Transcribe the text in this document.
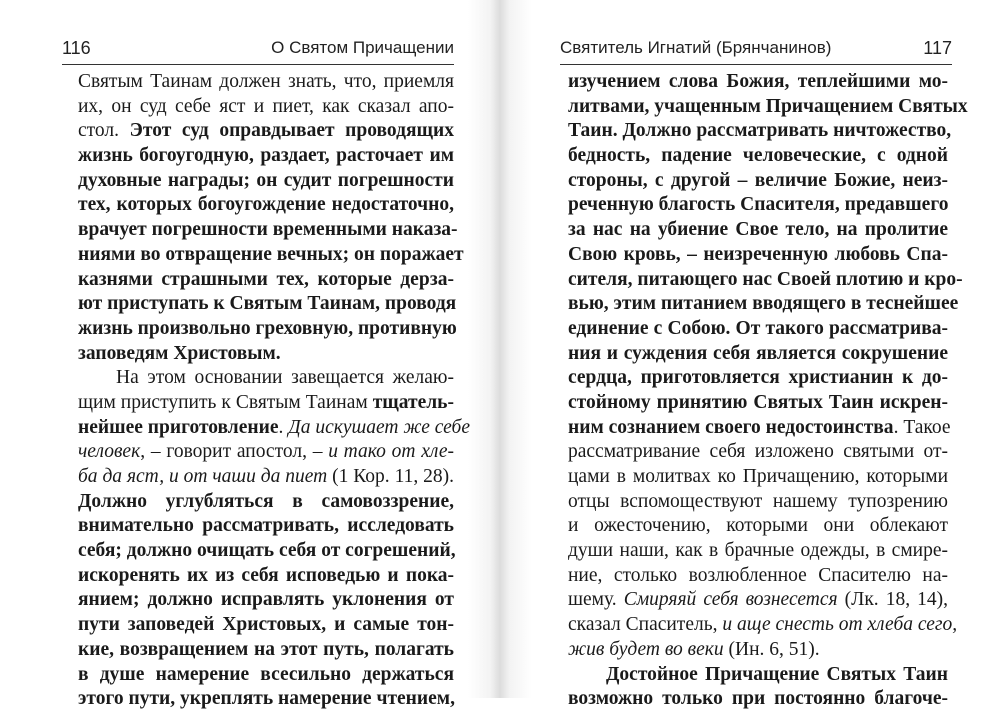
116	О Святом Причащении
Святым Таинам должен знать, что, приемля
их, он суд себе яст и пиет, как сказал апо-
стол. Этот суд оправдывает проводящих
жизнь богоугодную, раздает, расточает им
духовные награды; он судит погрешности
тех, которых богоугождение недостаточно,
врачует погрешности временными наказа-
ниями во отвращение вечных; он поражает
казнями страшными тех, которые дерза-
ют приступать к Святым Таинам, проводя
жизнь произвольно греховную, противную
заповедям Христовым.
На этом основании завещается желаю-
щим приступить к Святым Таинам тщатель-
нейшее приготовление. Да искушает же себе
человек, – говорит апостол, – и тако от хле-
ба да яст, и от чаши да пиет (1 Кор. 11, 28).
Должно углубляться в самовоззрение,
внимательно рассматривать, исследовать
себя; должно очищать себя от согрешений,
искоренять их из себя исповедью и пока-
янием; должно исправлять уклонения от
пути заповедей Христовых, и самые тон-
кие, возвращением на этот путь, полагать
в душе намерение всесильно держаться
этого пути, укреплять намерение чтением,
Святитель Игнатий (Брянчанинов)	117
изучением слова Божия, теплейшими мо-
литвами, учащенным Причащением Святых
Таин. Должно рассматривать ничтожество,
бедность, падение человеческие, с одной
стороны, с другой – величие Божие, неиз-
реченную благость Спасителя, предавшего
за нас на убиение Свое тело, на пролитие
Свою кровь, – неизреченную любовь Спа-
сителя, питающего нас Своей плотию и кро-
вью, этим питанием вводящего в теснейшее
единение с Собою. От такого рассматрива-
ния и суждения себя является сокрушение
сердца, приготовляется христианин к до-
стойному принятию Святых Таин искрен-
ним сознанием своего недостоинства. Такое
рассматривание себя изложено святыми от-
цами в молитвах ко Причащению, которыми
отцы вспомоществуют нашему тупозрению
и ожесточению, которыми они облекают
души наши, как в брачные одежды, в смире-
ние, столько возлюбленное Спасителю на-
шему. Смиряяй себя вознесется (Лк. 18, 14),
сказал Спаситель, и аще снесть от хлеба сего,
жив будет во веки (Ин. 6, 51).
Достойное Причащение Святых Таин
возможно только при постоянно благоче-
